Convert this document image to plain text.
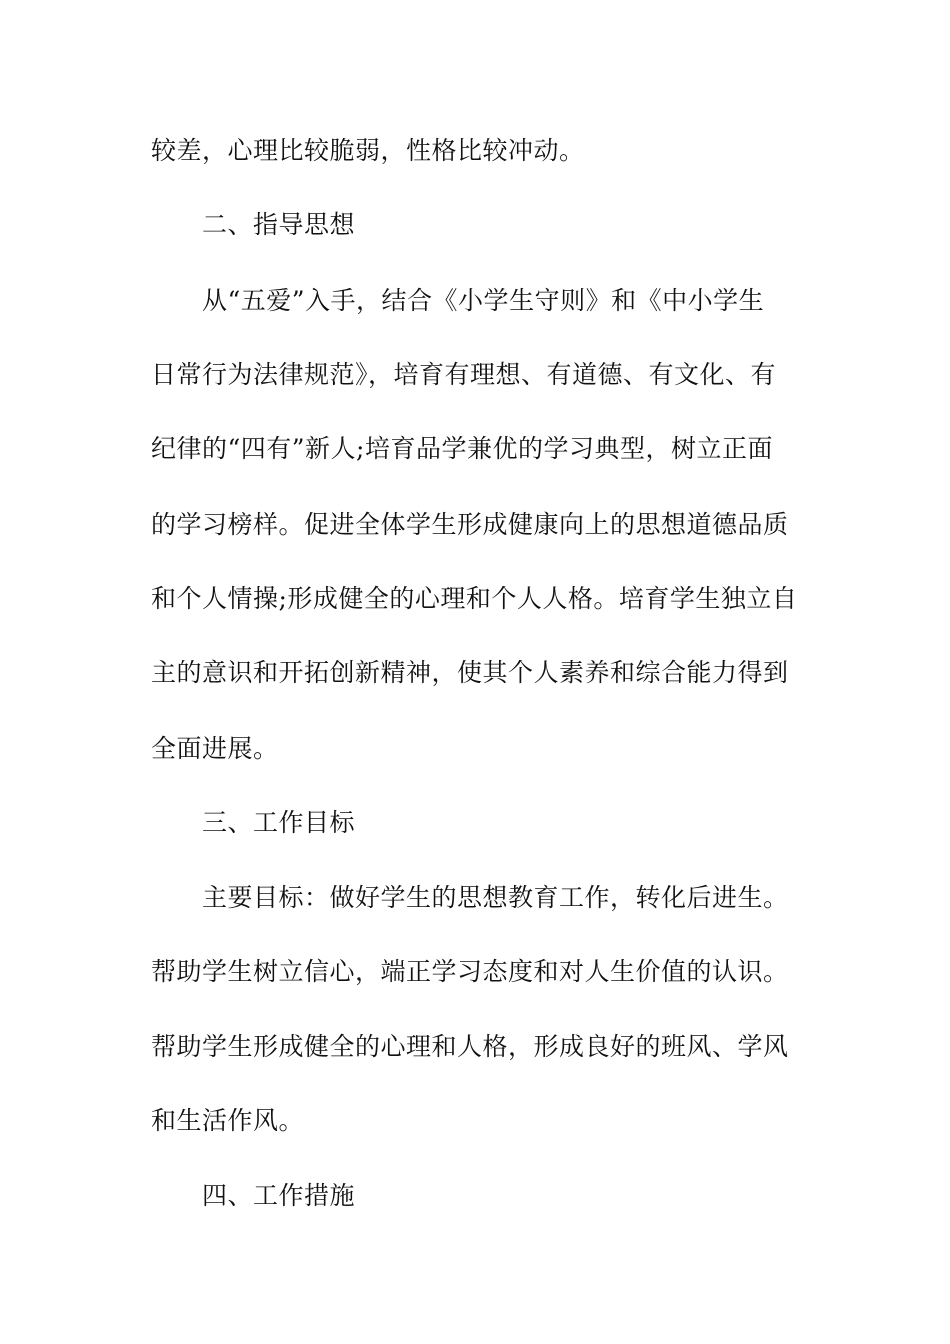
较差，心理比较脆弱，性格比较冲动。
二、指导思想
从“五爱”入手，结合《小学生守则》和《中小学生
日常行为法律规范》，培育有理想、有道德、有文化、有
纪律的“四有”新人;培育品学兼优的学习典型，树立正面
的学习榜样。促进全体学生形成健康向上的思想道德品质
和个人情操;形成健全的心理和个人人格。培育学生独立自
主的意识和开拓创新精神，使其个人素养和综合能力得到
全面进展。
三、工作目标
主要目标：做好学生的思想教育工作，转化后进生。
帮助学生树立信心，端正学习态度和对人生价值的认识。
帮助学生形成健全的心理和人格，形成良好的班风、学风
和生活作风。
四、工作措施
